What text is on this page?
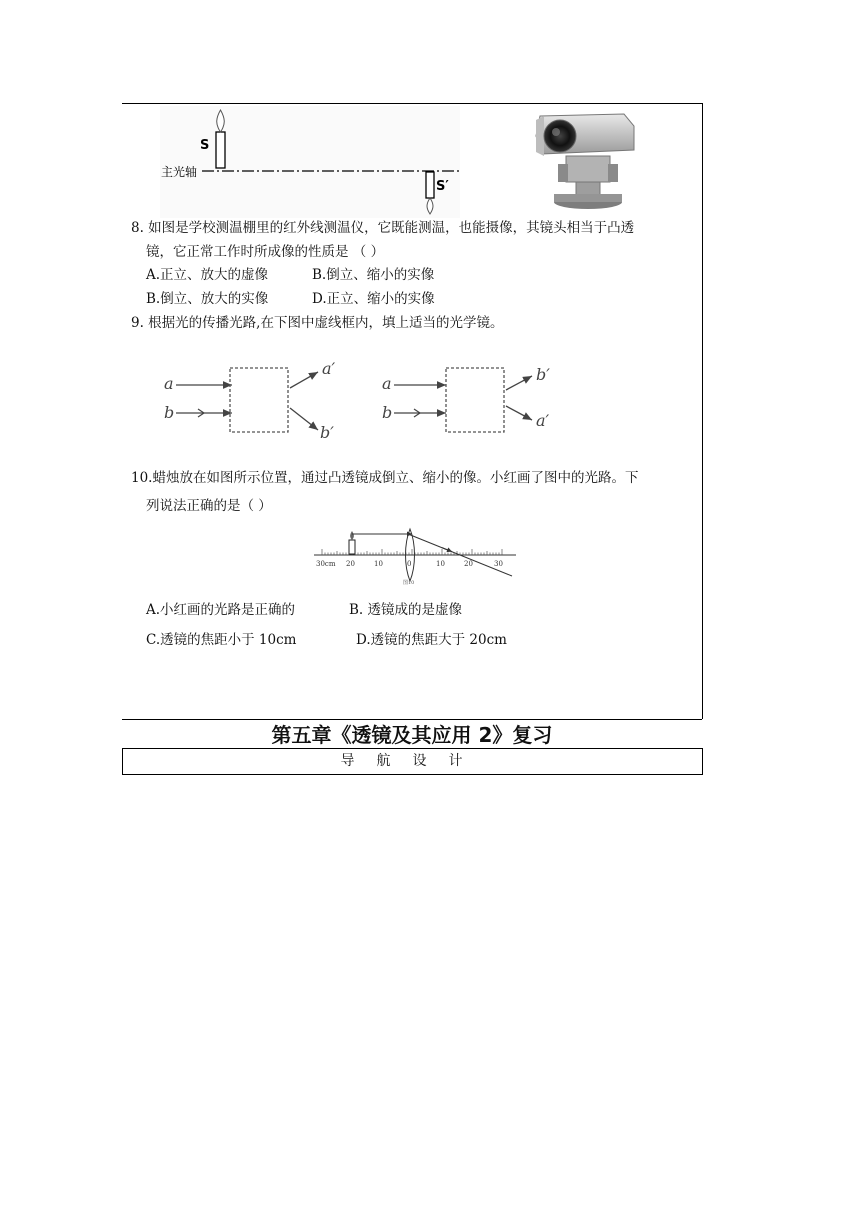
S
主光轴
S′
8. 如图是学校测温棚里的红外线测温仪，它既能测温，也能摄像，其镜头相当于凸透
镜，它正常工作时所成像的性质是 （ ）
A.正立、放大的虚像	B.倒立、缩小的实像
B.倒立、放大的实像	D.正立、缩小的实像
9. 根据光的传播光路,在下图中虚线框内，填上适当的光学镜。
a
b
a′
b′
a
b
b′
a′
10.蜡烛放在如图所示位置，通过凸透镜成倒立、缩小的像。小红画了图中的光路。下
列说法正确的是（ ）
30cm 20	10	0	10	20	30
图10
A.小红画的光路是正确的	B. 透镜成的是虚像
C.透镜的焦距小于 10cm	D.透镜的焦距大于 20cm
第五章《透镜及其应用 2》复习
导航设计
